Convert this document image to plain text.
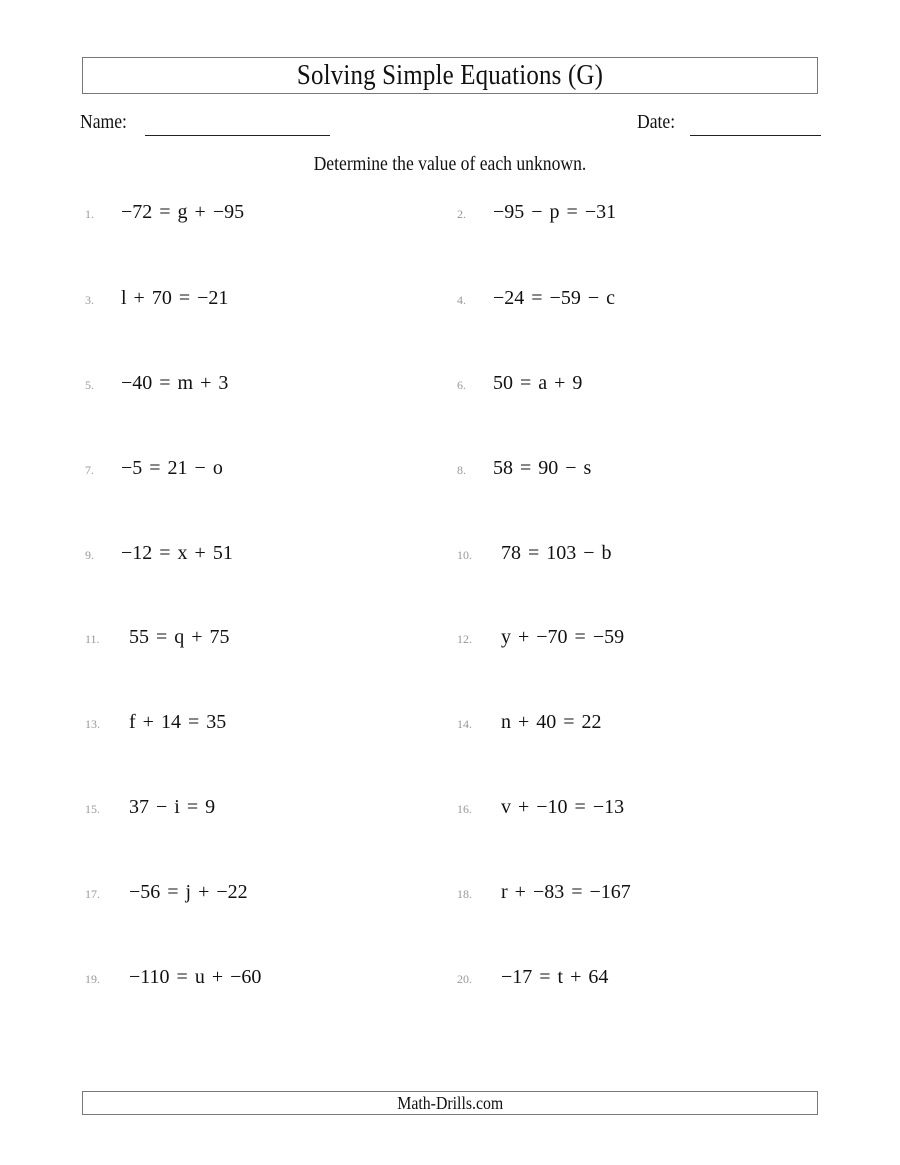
Solving Simple Equations (G)
Name:	Date:
Determine the value of each unknown.
1.	−72 = g + −95	2.	−95 − p = −31
3.	l + 70 = −21	4.	−24 = −59 − c
5.	−40 = m + 3	6.	50 = a + 9
7.	−5 = 21 − o	8.	58 = 90 − s
9.	−12 = x + 51	10.	78 = 103 − b
11.	55 = q + 75	12.	y + −70 = −59
13.	f + 14 = 35	14.	n + 40 = 22
15.	37 − i = 9	16.	v + −10 = −13
17.	−56 = j + −22	18.	r + −83 = −167
19.	−110 = u + −60	20.	−17 = t + 64
Math-Drills.com
